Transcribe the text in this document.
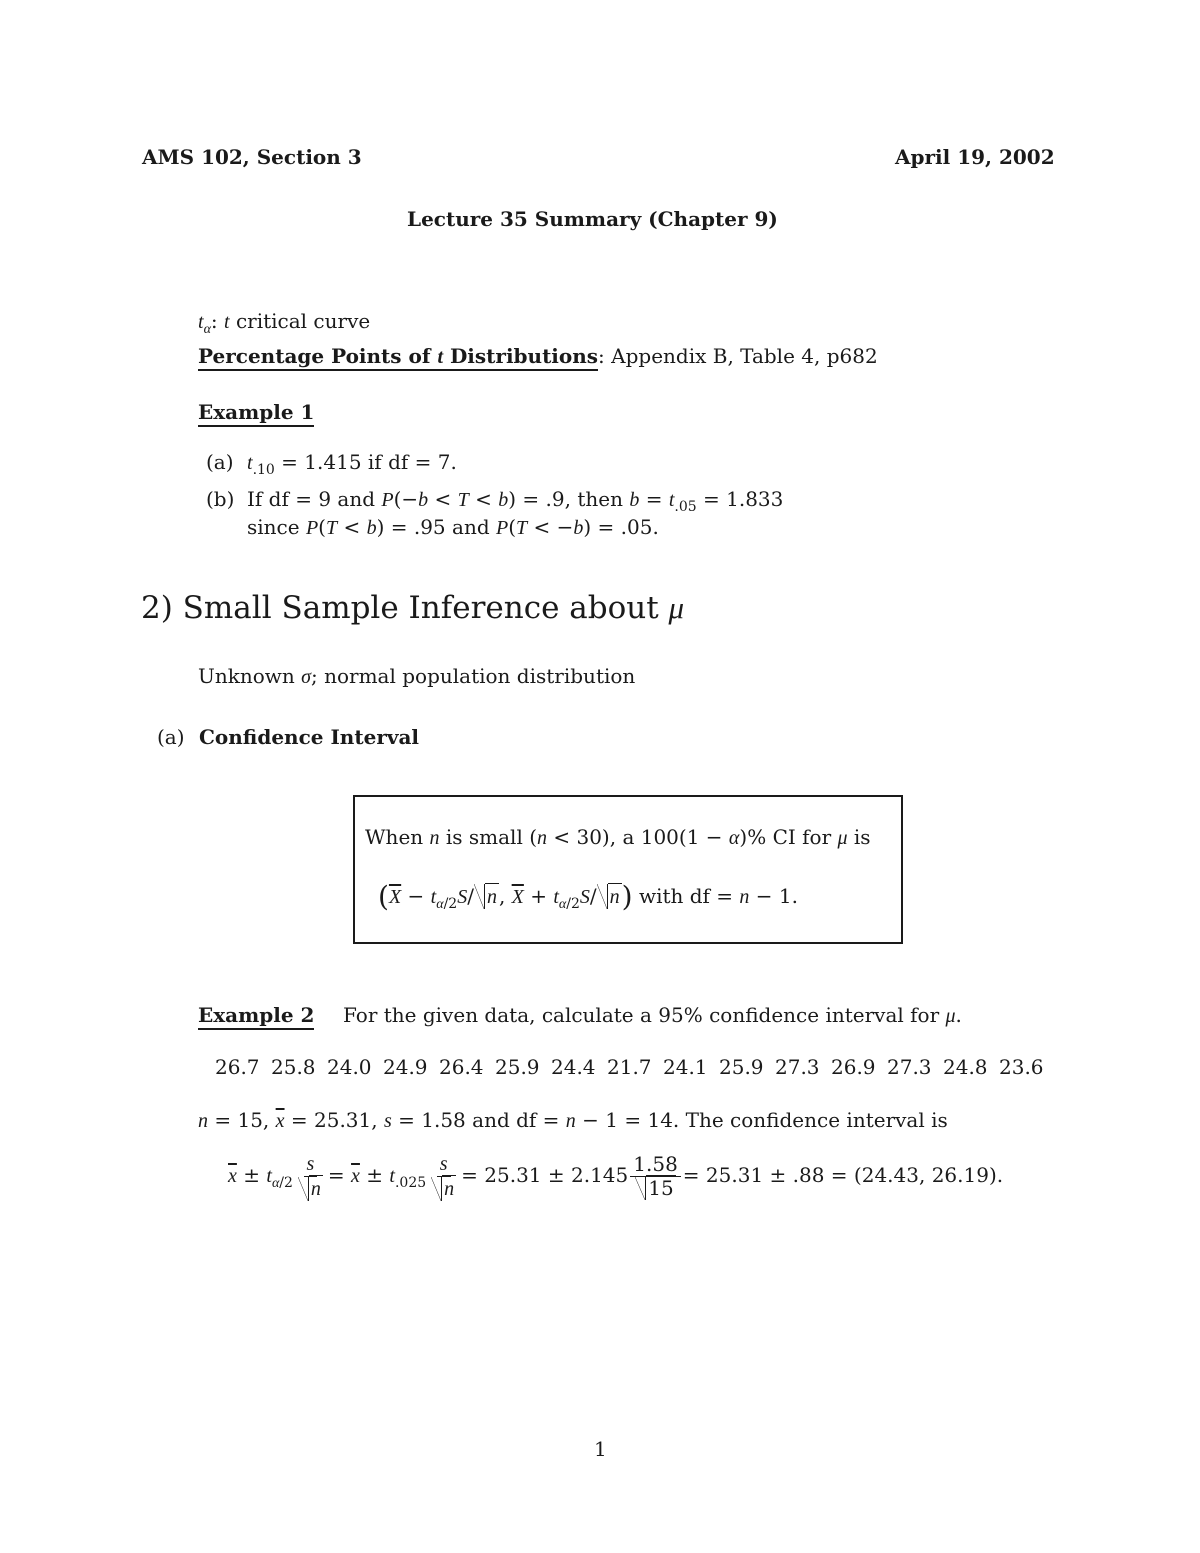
AMS 102, Section 3	April 19, 2002
Lecture 35 Summary (Chapter 9)
$t_\alpha$: t critical curve
Percentage Points of t Distributions: Appendix B, Table 4, p682
Example 1
(a) $t_{.10} = 1.415$ if df = 7.
(b) If df = 9 and P(−b < T < b) = .9, then $b = t_{.05} = 1.833$
since P(T < b) = .95 and P(T < −b) = .05.
2) Small Sample Inference about μ
Unknown σ; normal population distribution
(a) Confidence Interval
When n is small (n < 30), a 100(1 − α)% CI for μ is
($\overline{X} - t_{\alpha/2}S/$ n , $\overline{X} + t_{\alpha/2}S/$ n) with df = n − 1.
Example 2 For the given data, calculate a 95% confidence interval for μ.
26.7 25.8 24.0 24.9 26.4 25.9 24.4 21.7 24.1 25.9 27.3 26.9 27.3 24.8 23.6
n = 15, $\overline{x} = 25.31$, s = 1.58 and df = n − 1 = 14. The confidence interval is
$\overline{x} \pm t_{\alpha/2} \frac{s}{n} = \overline{x} \pm t_{.025} \frac{s}{n} = 25.31 \pm 2.145 \frac{1.58}{15} = 25.31 \pm .88 = (24.43$, 26.19).
1
